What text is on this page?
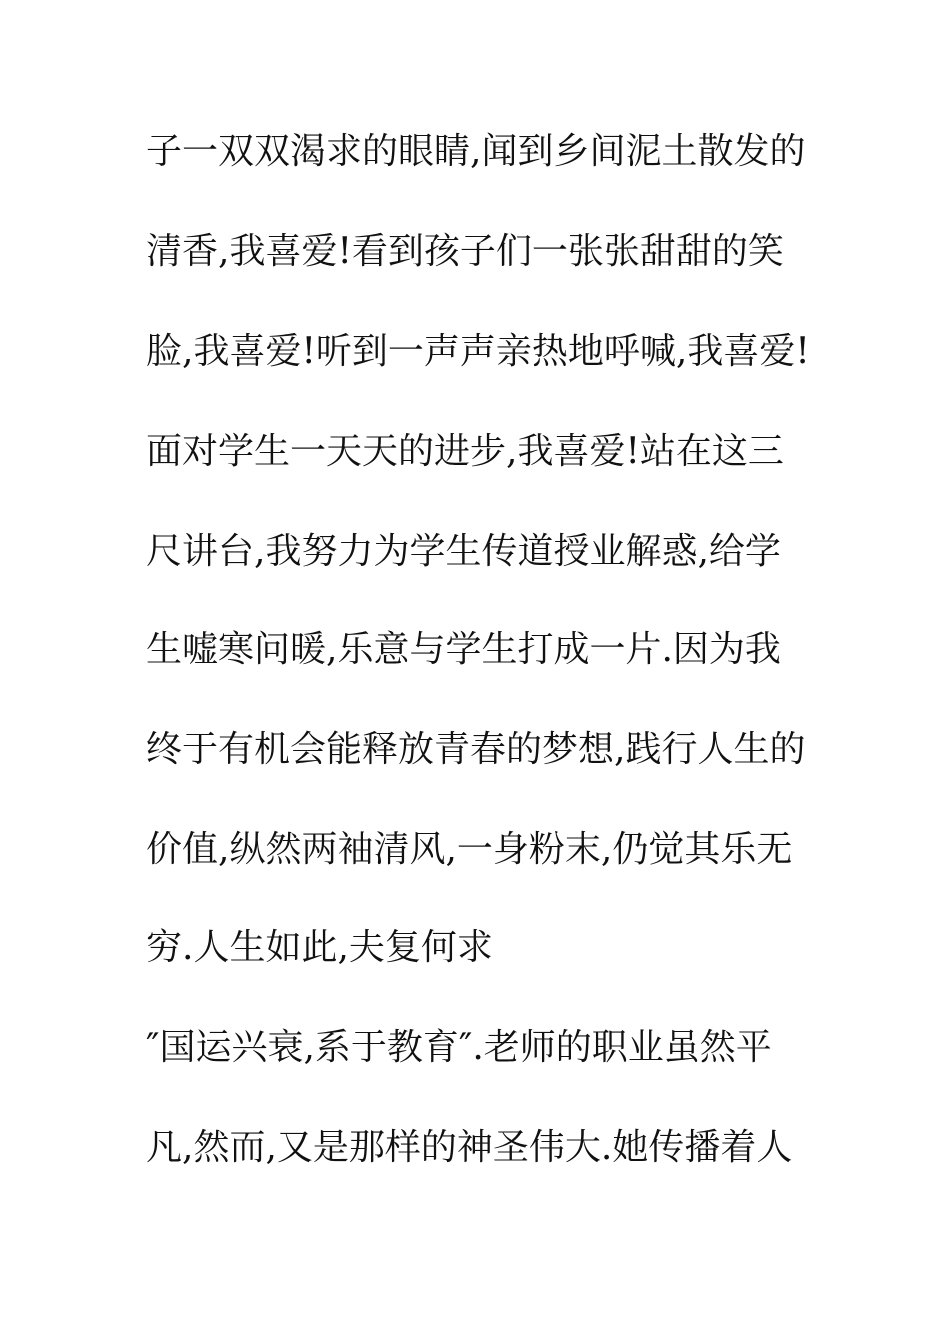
子一双双渴求的眼睛,闻到乡间泥土散发的
清香,我喜爱!看到孩子们一张张甜甜的笑
脸,我喜爱!听到一声声亲热地呼喊,我喜爱!
面对学生一天天的进步,我喜爱!站在这三
尺讲台,我努力为学生传道授业解惑,给学
生嘘寒问暖,乐意与学生打成一片.因为我
终于有机会能释放青春的梦想,践行人生的
价值,纵然两袖清风,一身粉末,仍觉其乐无
穷.人生如此,夫复何求
″国运兴衰,系于教育″.老师的职业虽然平
凡,然而,又是那样的神圣伟大.她传播着人
